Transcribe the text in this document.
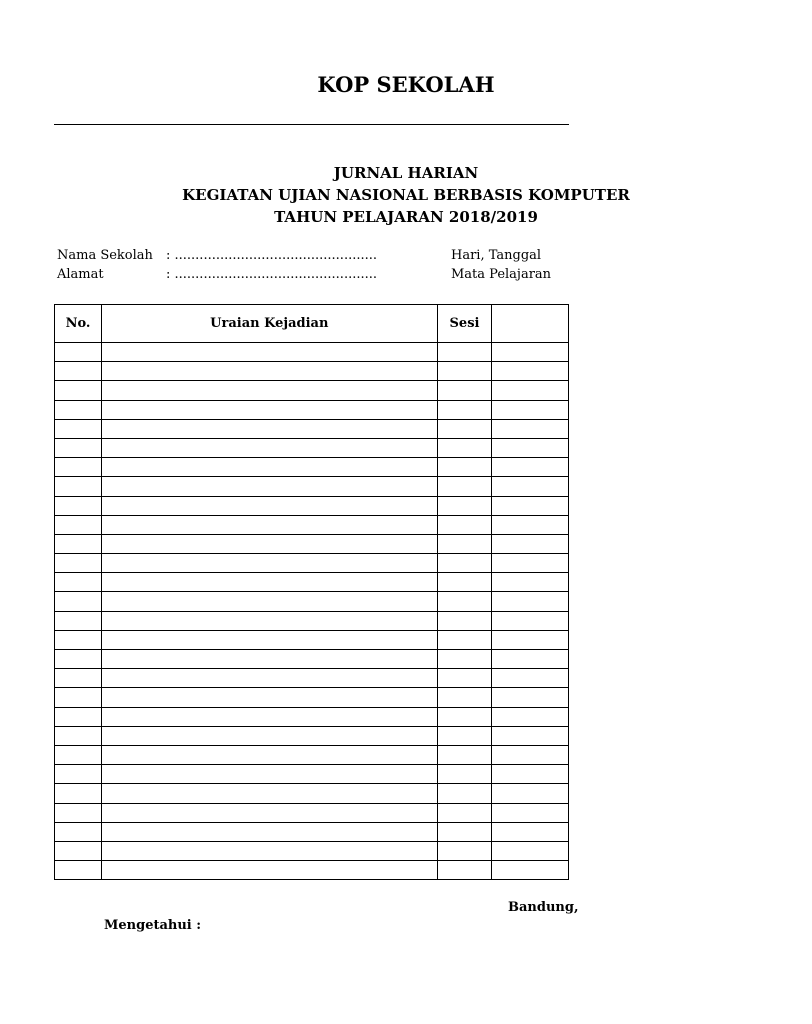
KOP SEKOLAH
JURNAL HARIAN
KEGIATAN UJIAN NASIONAL BERBASIS KOMPUTER
TAHUN PELAJARAN 2018/2019
Nama Sekolah : .................................................
Alamat	: .................................................
Hari, Tanggal
Mata Pelajaran
No.	Uraian Kejadian	Sesi	

Bandung,
Mengetahui :
